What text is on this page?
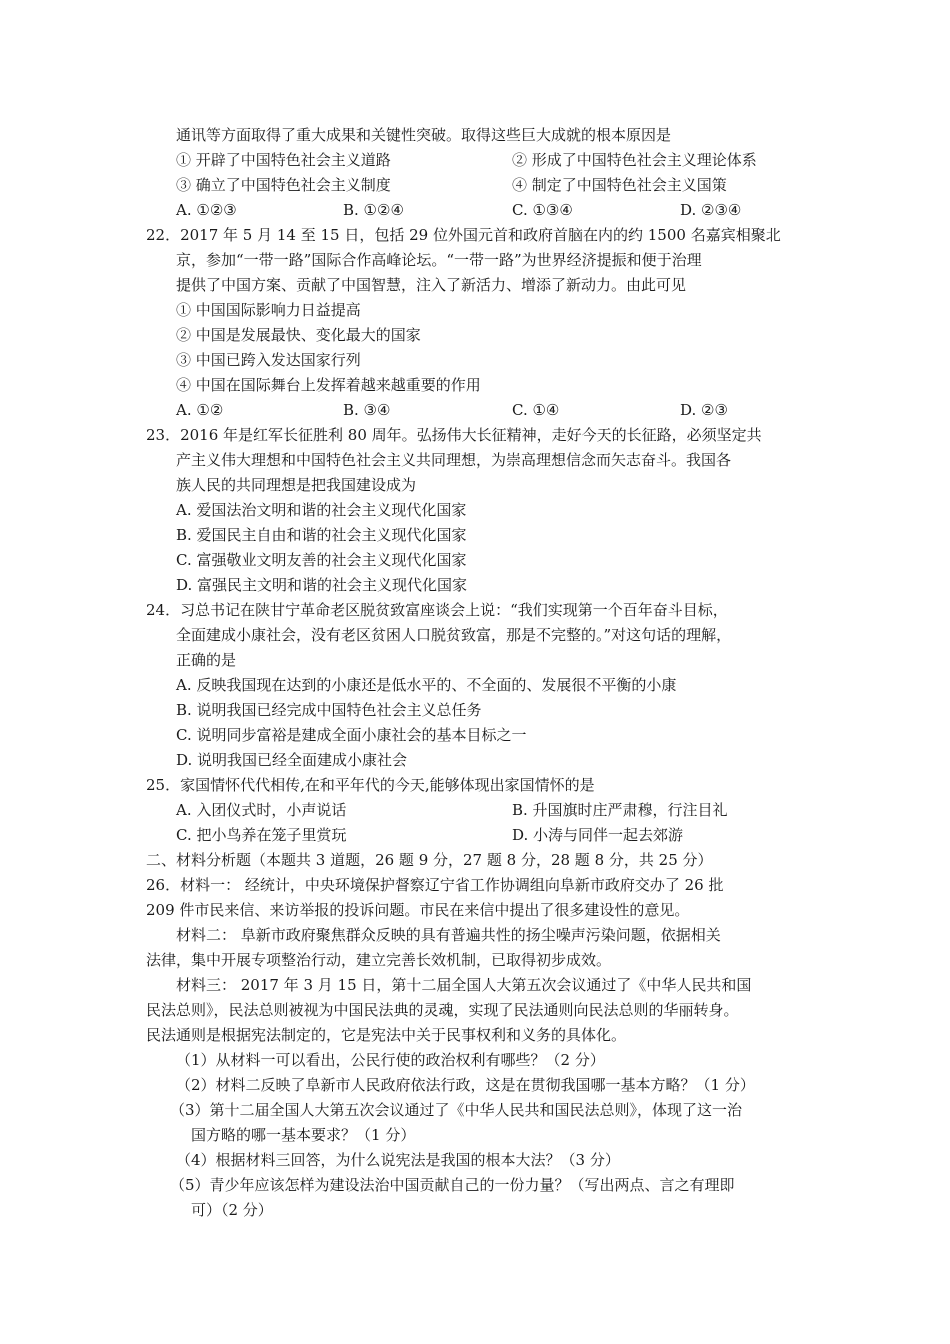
通讯等方面取得了重大成果和关键性突破。取得这些巨大成就的根本原因是
① 开辟了中国特色社会主义道路	② 形成了中国特色社会主义理论体系
③ 确立了中国特色社会主义制度	④ 制定了中国特色社会主义国策
A. ①②③	B. ①②④	C. ①③④	D. ②③④
22．2017 年 5 月 14 至 15 日，包括 29 位外国元首和政府首脑在内的约 1500 名嘉宾相聚北
京，参加“一带一路”国际合作高峰论坛。“一带一路”为世界经济提振和便于治理
提供了中国方案、贡献了中国智慧，注入了新活力、增添了新动力。由此可见
① 中国国际影响力日益提高
② 中国是发展最快、变化最大的国家
③ 中国已跨入发达国家行列
④ 中国在国际舞台上发挥着越来越重要的作用
A. ①②	B. ③④	C. ①④	D. ②③
23．2016 年是红军长征胜利 80 周年。弘扬伟大长征精神，走好今天的长征路，必须坚定共
产主义伟大理想和中国特色社会主义共同理想，为崇高理想信念而矢志奋斗。我国各
族人民的共同理想是把我国建设成为
A. 爱国法治文明和谐的社会主义现代化国家
B. 爱国民主自由和谐的社会主义现代化国家
C. 富强敬业文明友善的社会主义现代化国家
D. 富强民主文明和谐的社会主义现代化国家
24．习总书记在陕甘宁革命老区脱贫致富座谈会上说：“我们实现第一个百年奋斗目标，
全面建成小康社会，没有老区贫困人口脱贫致富，那是不完整的。”对这句话的理解，
正确的是
A. 反映我国现在达到的小康还是低水平的、不全面的、发展很不平衡的小康
B. 说明我国已经完成中国特色社会主义总任务
C. 说明同步富裕是建成全面小康社会的基本目标之一
D. 说明我国已经全面建成小康社会
25．家国情怀代代相传,在和平年代的今天,能够体现出家国情怀的是
A. 入团仪式时，小声说话	B. 升国旗时庄严肃穆，行注目礼
C. 把小鸟养在笼子里赏玩	D. 小涛与同伴一起去郊游
二、材料分析题（本题共 3 道题，26 题 9 分，27 题 8 分，28 题 8 分，共 25 分）
26．材料一： 经统计，中央环境保护督察辽宁省工作协调组向阜新市政府交办了 26 批
209 件市民来信、来访举报的投诉问题。市民在来信中提出了很多建设性的意见。
材料二： 阜新市政府聚焦群众反映的具有普遍共性的扬尘噪声污染问题，依据相关
法律，集中开展专项整治行动，建立完善长效机制，已取得初步成效。
材料三： 2017 年 3 月 15 日，第十二届全国人大第五次会议通过了《中华人民共和国
民法总则》，民法总则被视为中国民法典的灵魂，实现了民法通则向民法总则的华丽转身。
民法通则是根据宪法制定的，它是宪法中关于民事权利和义务的具体化。
（1）从材料一可以看出，公民行使的政治权利有哪些？（2 分）
（2）材料二反映了阜新市人民政府依法行政，这是在贯彻我国哪一基本方略？（1 分）
（3）第十二届全国人大第五次会议通过了《中华人民共和国民法总则》，体现了这一治
国方略的哪一基本要求？（1 分）
（4）根据材料三回答，为什么说宪法是我国的根本大法？（3 分）
（5）青少年应该怎样为建设法治中国贡献自己的一份力量？（写出两点、言之有理即
可）（2 分）
